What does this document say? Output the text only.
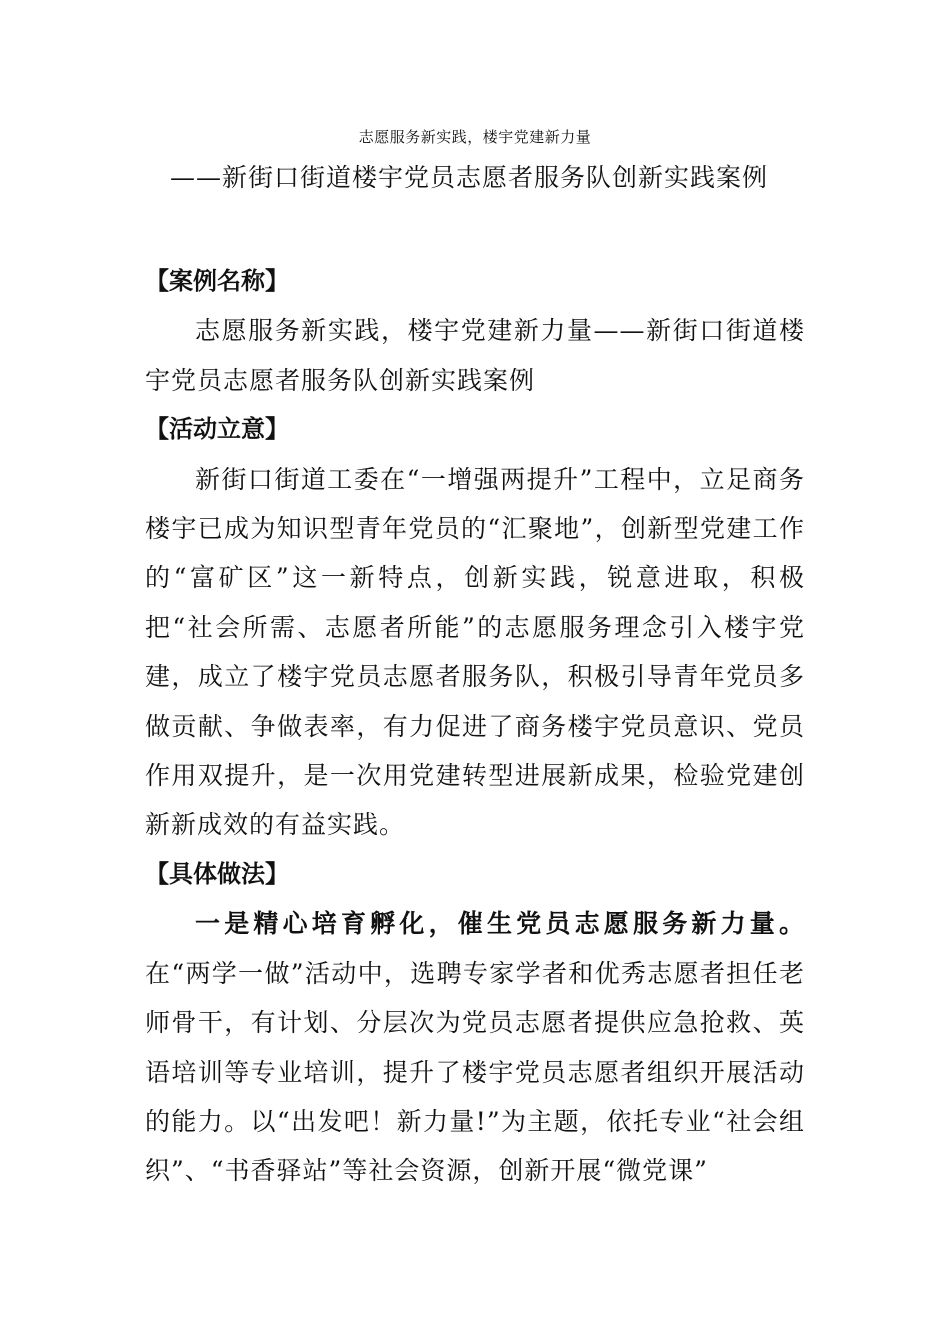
志愿服务新实践，楼宇党建新力量
——新街口街道楼宇党员志愿者服务队创新实践案例

【案例名称】

志愿服务新实践，楼宇党建新力量——新街口街道楼宇党员志愿者服务队创新实践案例

【活动立意】

新街口街道工委在“一增强两提升”工程中，立足商务楼宇已成为知识型青年党员的“汇聚地”，创新型党建工作的“富矿区”这一新特点，创新实践，锐意进取，积极把“社会所需、志愿者所能”的志愿服务理念引入楼宇党建，成立了楼宇党员志愿者服务队，积极引导青年党员多做贡献、争做表率，有力促进了商务楼宇党员意识、党员作用双提升，是一次用党建转型进展新成果，检验党建创新新成效的有益实践。

【具体做法】

一是精心培育孵化，催生党员志愿服务新力量。在“两学一做”活动中，选聘专家学者和优秀志愿者担任老师骨干，有计划、分层次为党员志愿者提供应急抢救、英语培训等专业培训，提升了楼宇党员志愿者组织开展活动的能力。以“出发吧！新力量!”为主题，依托专业“社会组织”、“书香驿站”等社会资源，创新开展“微党课”
